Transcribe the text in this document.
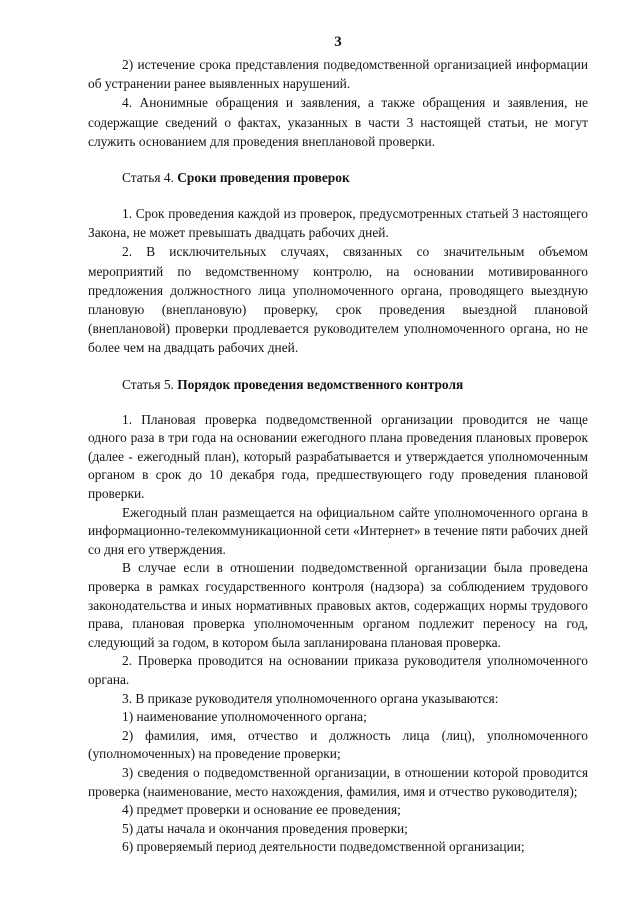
3

2) истечение срока представления подведомственной организацией информации об устранении ранее выявленных нарушений.

4. Анонимные обращения и заявления, а также обращения и заявления, не содержащие сведений о фактах, указанных в части 3 настоящей статьи, не могут служить основанием для проведения внеплановой проверки.

Статья 4. Сроки проведения проверок

1. Срок проведения каждой из проверок, предусмотренных статьей 3 настоящего Закона, не может превышать двадцать рабочих дней.

2. В исключительных случаях, связанных со значительным объемом мероприятий по ведомственному контролю, на основании мотивированного предложения должностного лица уполномоченного органа, проводящего выездную плановую (внеплановую) проверку, срок проведения выездной плановой (внеплановой) проверки продлевается руководителем уполномоченного органа, но не более чем на двадцать рабочих дней.

Статья 5. Порядок проведения ведомственного контроля

1. Плановая проверка подведомственной организации проводится не чаще одного раза в три года на основании ежегодного плана проведения плановых проверок (далее - ежегодный план), который разрабатывается и утверждается уполномоченным органом в срок до 10 декабря года, предшествующего году проведения плановой проверки.

Ежегодный план размещается на официальном сайте уполномоченного органа в информационно-телекоммуникационной сети «Интернет» в течение пяти рабочих дней со дня его утверждения.

В случае если в отношении подведомственной организации была проведена проверка в рамках государственного контроля (надзора) за соблюдением трудового законодательства и иных нормативных правовых актов, содержащих нормы трудового права, плановая проверка уполномоченным органом подлежит переносу на год, следующий за годом, в котором была запланирована плановая проверка.

2. Проверка проводится на основании приказа руководителя уполномоченного органа.

3. В приказе руководителя уполномоченного органа указываются:

1) наименование уполномоченного органа;

2) фамилия, имя, отчество и должность лица (лиц), уполномоченного (уполномоченных) на проведение проверки;

3) сведения о подведомственной организации, в отношении которой проводится проверка (наименование, место нахождения, фамилия, имя и отчество руководителя);

4) предмет проверки и основание ее проведения;

5) даты начала и окончания проведения проверки;

6) проверяемый период деятельности подведомственной организации;
